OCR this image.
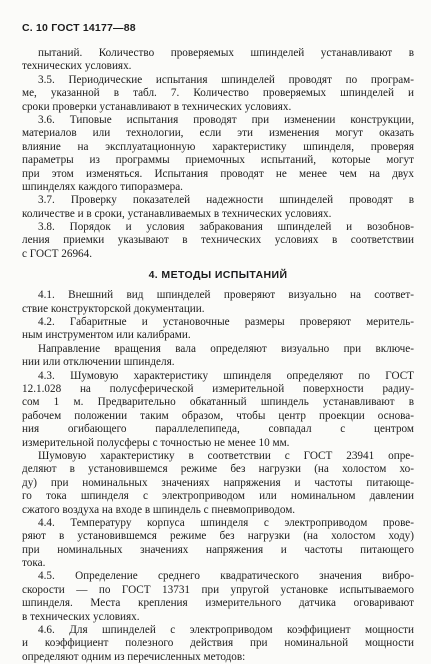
С. 10 ГОСТ 14177—88
пытаний. Количество проверяемых шпинделей устанавливают в
технических условиях.
3.5. Периодические испытания шпинделей проводят по програм-
ме, указанной в табл. 7. Количество проверяемых шпинделей и
сроки проверки устанавливают в технических условиях.
3.6. Типовые испытания проводят при изменении конструкции,
материалов или технологии, если эти изменения могут оказать
влияние на эксплуатационную характеристику шпинделя, проверяя
параметры из программы приемочных испытаний, которые могут
при этом изменяться. Испытания проводят не менее чем на двух
шпинделях каждого типоразмера.
3.7. Проверку показателей надежности шпинделей проводят в
количестве и в сроки, устанавливаемых в технических условиях.
3.8. Порядок и условия забракования шпинделей и возобнов-
ления приемки указывают в технических условиях в соответствии
с ГОСТ 26964.
4. МЕТОДЫ ИСПЫТАНИЙ
4.1. Внешний вид шпинделей проверяют визуально на соответ-
ствие конструкторской документации.
4.2. Габаритные и установочные размеры проверяют меритель-
ным инструментом или калибрами.
Направление вращения вала определяют визуально при включе-
нии или отключении шпинделя.
4.3. Шумовую характеристику шпинделя определяют по ГОСТ
12.1.028 на полусферической измерительной поверхности радиу-
сом 1 м. Предварительно обкатанный шпиндель устанавливают в
рабочем положении таким образом, чтобы центр проекции основа-
ния огибающего параллелепипеда, совпадал с центром
измерительной полусферы с точностью не менее 10 мм.
Шумовую характеристику в соответствии с ГОСТ 23941 опре-
деляют в установившемся режиме без нагрузки (на холостом хо-
ду) при номинальных значениях напряжения и частоты питающе-
го тока шпинделя с электроприводом или номинальном давлении
сжатого воздуха на входе в шпиндель с пневмоприводом.
4.4. Температуру корпуса шпинделя с электроприводом прове-
ряют в установившемся режиме без нагрузки (на холостом ходу)
при номинальных значениях напряжения и частоты питающего
тока.
4.5. Определение среднего квадратического значения вибро-
скорости — по ГОСТ 13731 при упругой установке испытываемого
шпинделя. Места крепления измерительного датчика оговаривают
в технических условиях.
4.6. Для шпинделей с электроприводом коэффициент мощности
и коэффициент полезного действия при номинальной мощности
определяют одним из перечисленных методов:
